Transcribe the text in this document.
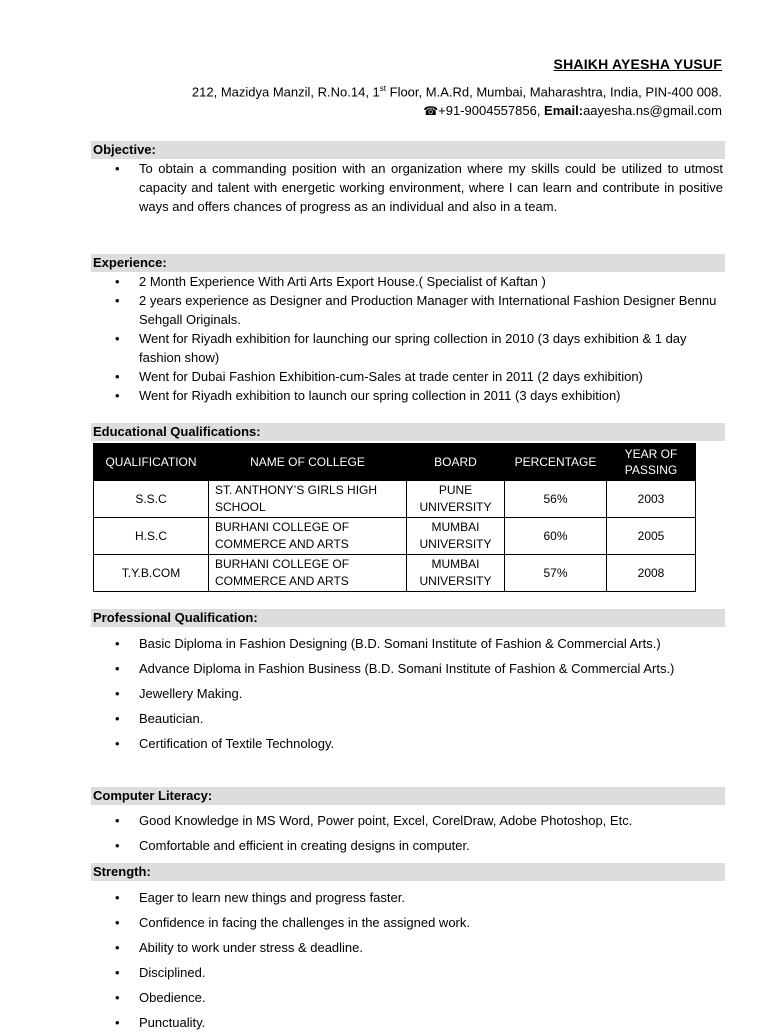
SHAIKH AYESHA YUSUF
212, Mazidya Manzil, R.No.14, 1st Floor, M.A.Rd, Mumbai, Maharashtra, India, PIN-400 008.
☎+91-9004557856, Email:aayesha.ns@gmail.com
Objective:
• To obtain a commanding position with an organization where my skills could be utilized to utmost capacity and talent with energetic working environment, where I can learn and contribute in positive ways and offers chances of progress as an individual and also in a team.
Experience:
• 2 Month Experience With Arti Arts Export House.( Specialist of Kaftan )
• 2 years experience as Designer and Production Manager with International Fashion Designer Bennu Sehgall Originals.
• Went for Riyadh exhibition for launching our spring collection in 2010 (3 days exhibition & 1 day fashion show)
• Went for Dubai Fashion Exhibition-cum-Sales at trade center in 2011 (2 days exhibition)
• Went for Riyadh exhibition to launch our spring collection in 2011 (3 days exhibition)
Educational Qualifications:
QUALIFICATION	NAME OF COLLEGE	BOARD	PERCENTAGE	YEAR OF PASSING
S.S.C	ST. ANTHONY’S GIRLS HIGH SCHOOL	PUNE UNIVERSITY	56%	2003
H.S.C	BURHANI COLLEGE OF COMMERCE AND ARTS	MUMBAI UNIVERSITY	60%	2005
T.Y.B.COM	BURHANI COLLEGE OF COMMERCE AND ARTS	MUMBAI UNIVERSITY	57%	2008
Professional Qualification:
• Basic Diploma in Fashion Designing (B.D. Somani Institute of Fashion & Commercial Arts.)
• Advance Diploma in Fashion Business (B.D. Somani Institute of Fashion & Commercial Arts.)
• Jewellery Making.
• Beautician.
• Certification of Textile Technology.
Computer Literacy:
• Good Knowledge in MS Word, Power point, Excel, CorelDraw, Adobe Photoshop, Etc.
• Comfortable and efficient in creating designs in computer.
Strength:
• Eager to learn new things and progress faster.
• Confidence in facing the challenges in the assigned work.
• Ability to work under stress & deadline.
• Disciplined.
• Obedience.
• Punctuality.
